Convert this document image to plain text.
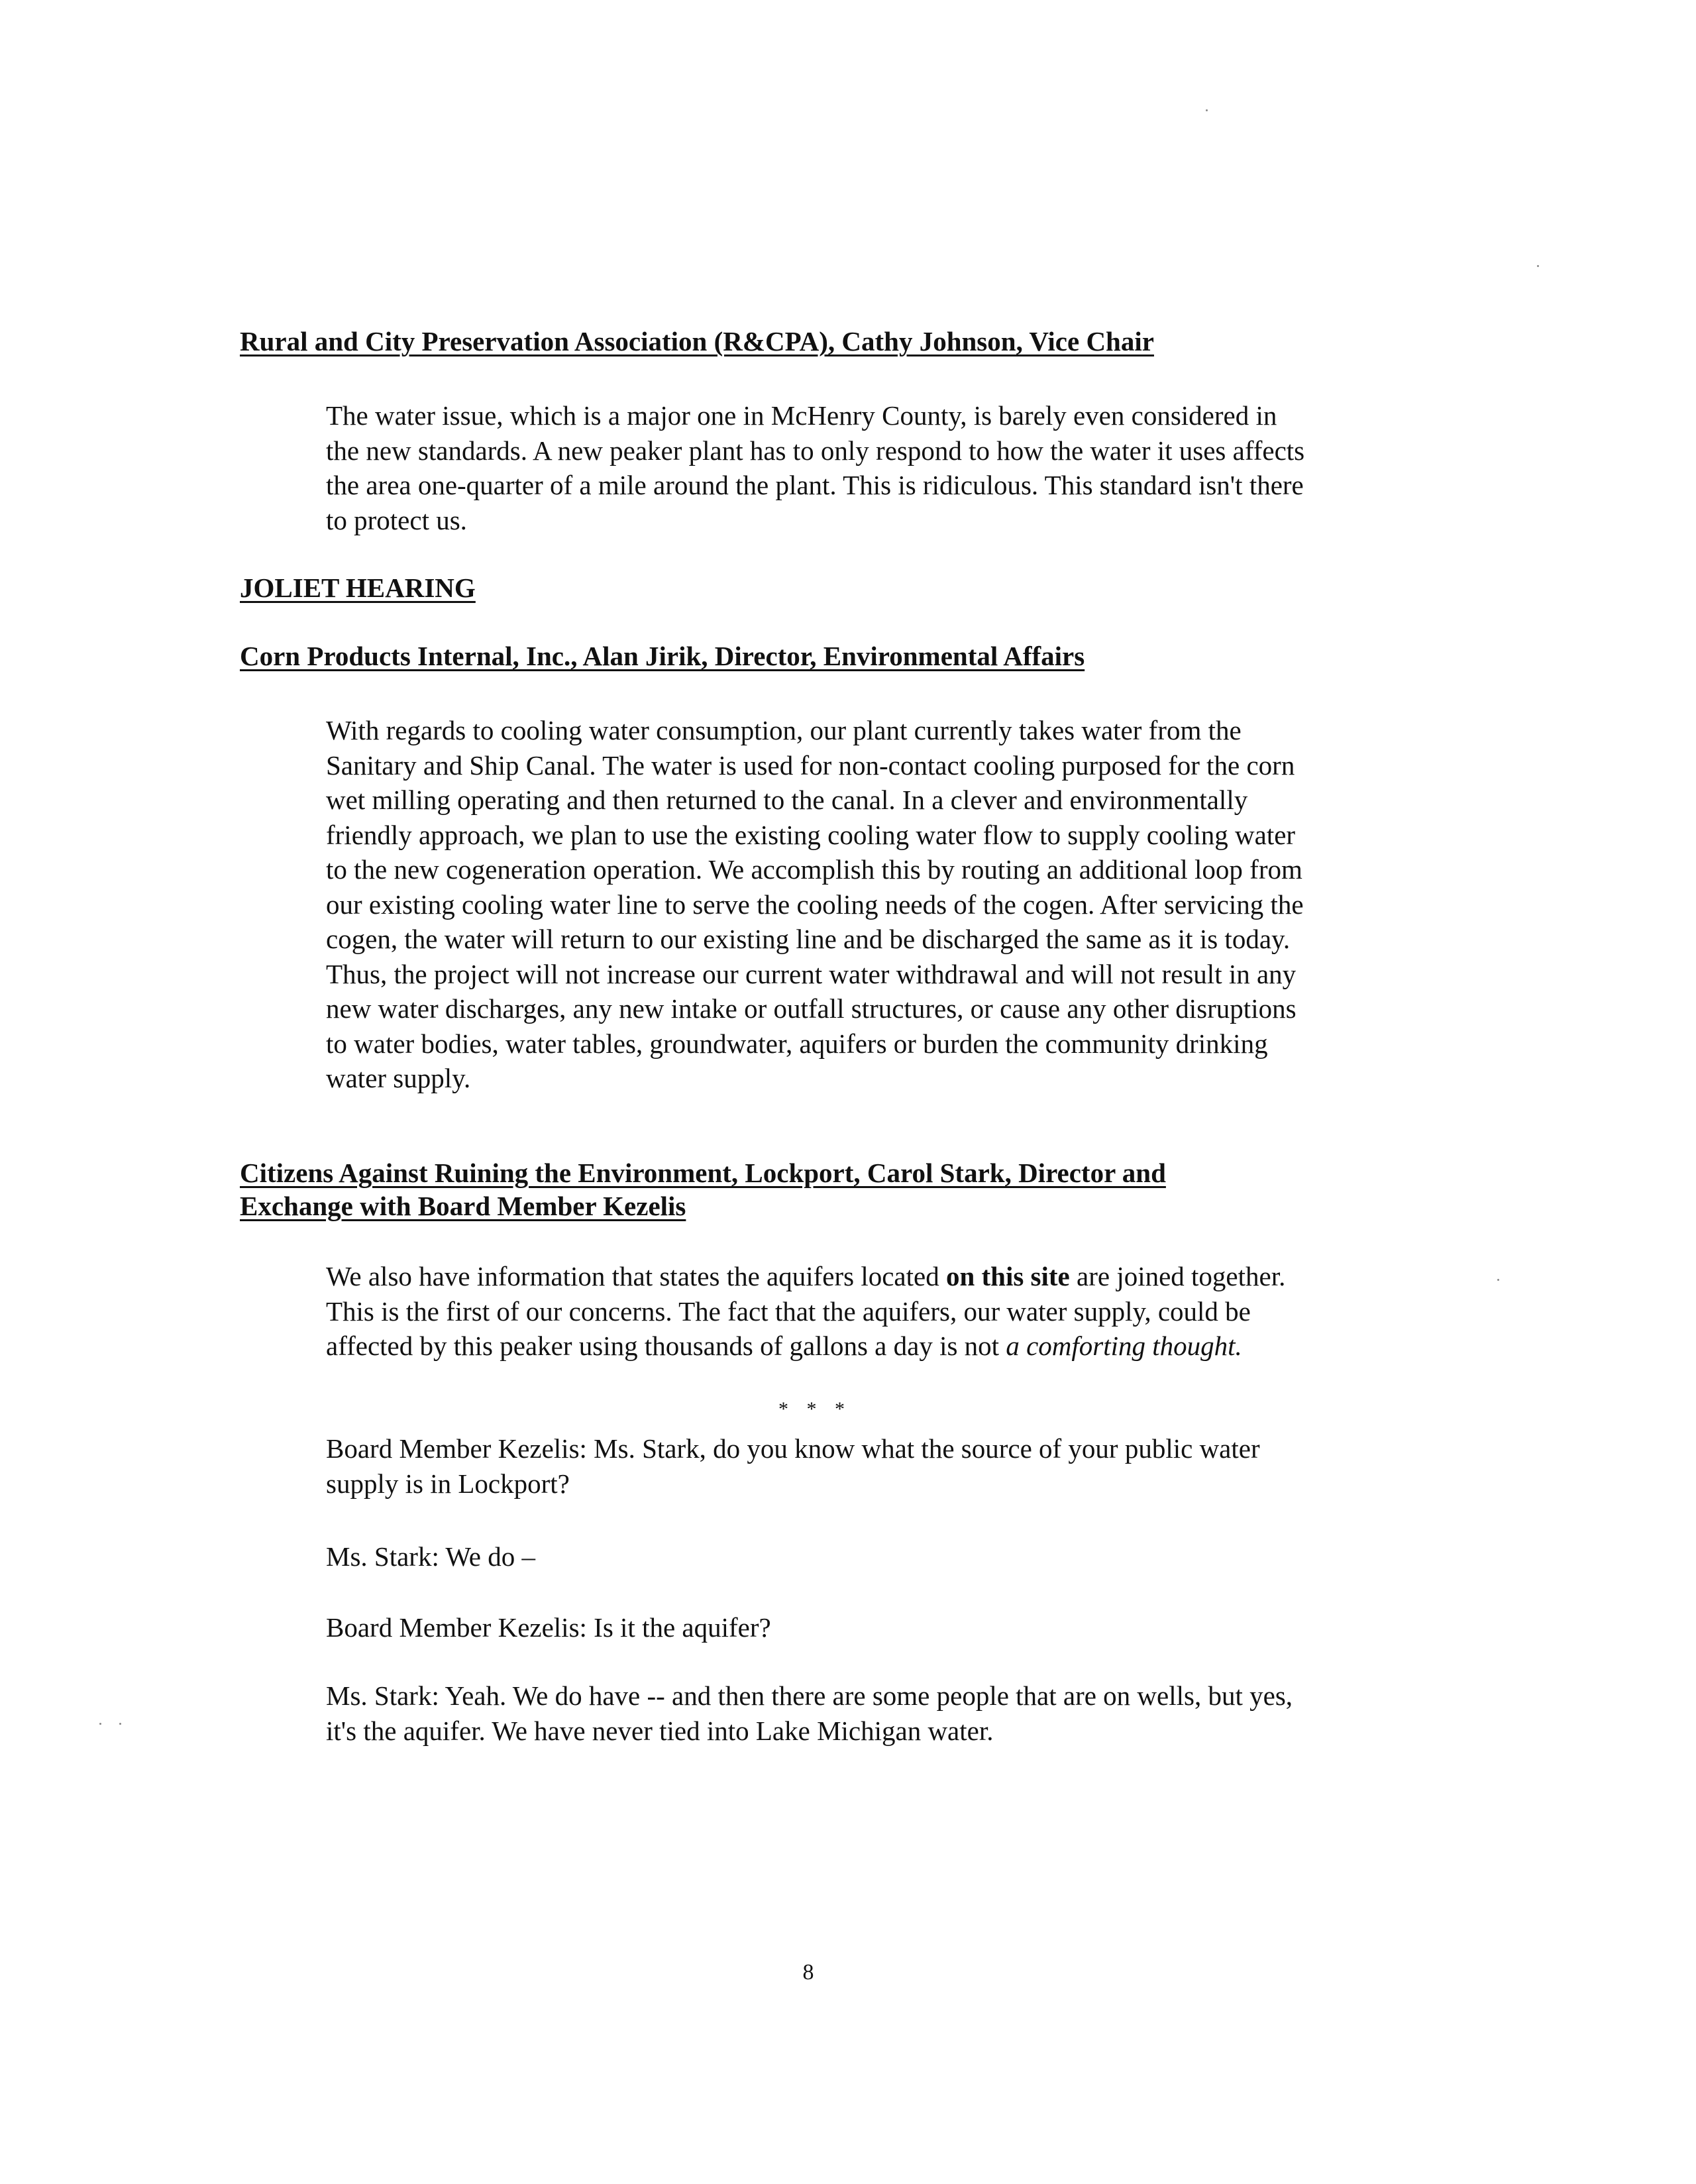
Rural and City Preservation Association (R&CPA), Cathy Johnson, Vice Chair

The water issue, which is a major one in McHenry County, is barely even considered in the new standards. A new peaker plant has to only respond to how the water it uses affects the area one-quarter of a mile around the plant. This is ridiculous. This standard isn't there to protect us.

JOLIET HEARING
Corn Products Internal, Inc., Alan Jirik, Director, Environmental Affairs

With regards to cooling water consumption, our plant currently takes water from the Sanitary and Ship Canal. The water is used for non-contact cooling purposed for the corn wet milling operating and then returned to the canal. In a clever and environmentally friendly approach, we plan to use the existing cooling water flow to supply cooling water to the new cogeneration operation. We accomplish this by routing an additional loop from our existing cooling water line to serve the cooling needs of the cogen. After servicing the cogen, the water will return to our existing line and be discharged the same as it is today. Thus, the project will not increase our current water withdrawal and will not result in any new water discharges, any new intake or outfall structures, or cause any other disruptions to water bodies, water tables, groundwater, aquifers or burden the community drinking water supply.

Citizens Against Ruining the Environment, Lockport, Carol Stark, Director and Exchange with Board Member Kezelis

We also have information that states the aquifers located on this site are joined together. This is the first of our concerns. The fact that the aquifers, our water supply, could be affected by this peaker using thousands of gallons a day is not a comforting thought.

* * *

Board Member Kezelis: Ms. Stark, do you know what the source of your public water supply is in Lockport?

Ms. Stark: We do –

Board Member Kezelis: Is it the aquifer?

Ms. Stark: Yeah. We do have -- and then there are some people that are on wells, but yes, it's the aquifer. We have never tied into Lake Michigan water.

8
